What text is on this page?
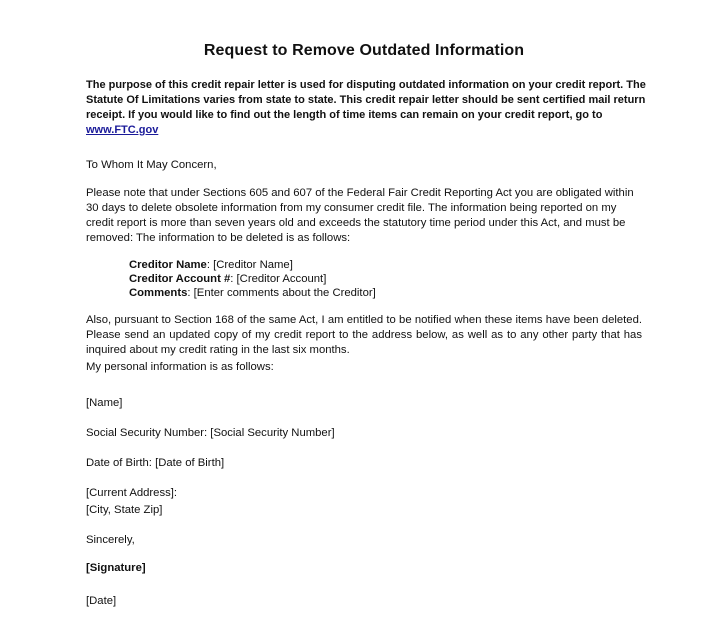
Request to Remove Outdated Information
The purpose of this credit repair letter is used for disputing outdated information on your credit report. The Statute Of Limitations varies from state to state. This credit repair letter should be sent certified mail return receipt. If you would like to find out the length of time items can remain on your credit report, go to www.FTC.gov
To Whom It May Concern,
Please note that under Sections 605 and 607 of the Federal Fair Credit Reporting Act you are obligated within 30 days to delete obsolete information from my consumer credit file. The information being reported on my credit report is more than seven years old and exceeds the statutory time period under this Act, and must be removed: The information to be deleted is as follows:
Creditor Name: [Creditor Name]
Creditor Account #: [Creditor Account]
Comments: [Enter comments about the Creditor]
Also, pursuant to Section 168 of the same Act, I am entitled to be notified when these items have been deleted. Please send an updated copy of my credit report to the address below, as well as to any other party that has inquired about my credit rating in the last six months.
My personal information is as follows:
[Name]
Social Security Number: [Social Security Number]
Date of Birth: [Date of Birth]
[Current Address]:
[City, State Zip]
Sincerely,
[Signature]
[Date]
